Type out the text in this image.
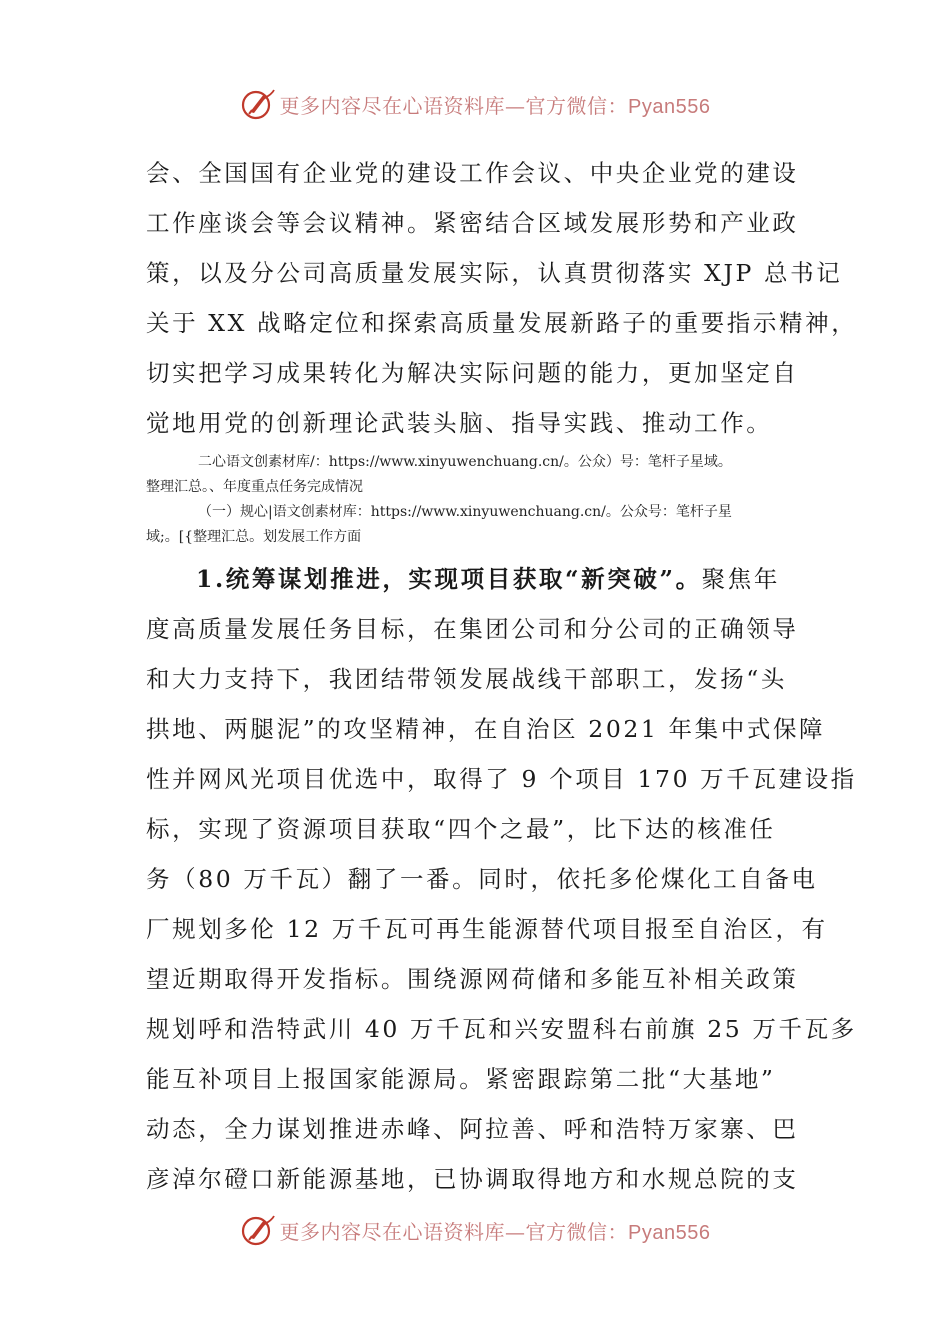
更多内容尽在心语资料库—官方微信：Pyan556
会、全国国有企业党的建设工作会议、中央企业党的建设
工作座谈会等会议精神。紧密结合区域发展形势和产业政
策，以及分公司高质量发展实际，认真贯彻落实 XJP 总书记
关于 XX 战略定位和探索高质量发展新路子的重要指示精神，
切实把学习成果转化为解决实际问题的能力，更加坚定自
觉地用党的创新理论武装头脑、指导实践、推动工作。
二心语文创素材库/：https://www.xinyuwenchuang.cn/。公众）号：笔杆子星域。
整理汇总。、年度重点任务完成情况
（一）规心|语文创素材库：https://www.xinyuwenchuang.cn/。公众号：笔杆子星
域;。[{整理汇总。划发展工作方面
1.统筹谋划推进，实现项目获取“新突破”。聚焦年
度高质量发展任务目标，在集团公司和分公司的正确领导
和大力支持下，我团结带领发展战线干部职工，发扬“头
拱地、两腿泥”的攻坚精神，在自治区 2021 年集中式保障
性并网风光项目优选中，取得了 9 个项目 170 万千瓦建设指
标，实现了资源项目获取“四个之最”，比下达的核准任
务（80 万千瓦）翻了一番。同时，依托多伦煤化工自备电
厂规划多伦 12 万千瓦可再生能源替代项目报至自治区，有
望近期取得开发指标。围绕源网荷储和多能互补相关政策
规划呼和浩特武川 40 万千瓦和兴安盟科右前旗 25 万千瓦多
能互补项目上报国家能源局。紧密跟踪第二批“大基地”
动态，全力谋划推进赤峰、阿拉善、呼和浩特万家寨、巴
彦淖尔磴口新能源基地，已协调取得地方和水规总院的支
更多内容尽在心语资料库—官方微信：Pyan556
